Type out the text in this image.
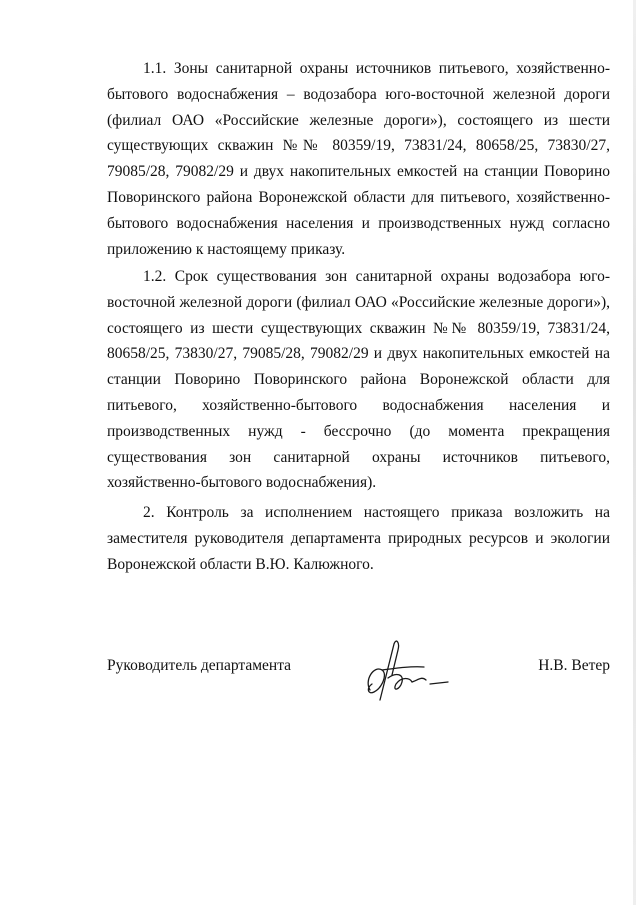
1.1. Зоны санитарной охраны источников питьевого, хозяйственно-бытового водоснабжения – водозабора юго-восточной железной дороги (филиал ОАО «Российские железные дороги»), состоящего из шести существующих скважин №№ 80359/19, 73831/24, 80658/25, 73830/27, 79085/28, 79082/29 и двух накопительных емкостей на станции Поворино Поворинского района Воронежской области для питьевого, хозяйственно-бытового водоснабжения населения и производственных нужд согласно приложению к настоящему приказу.

1.2. Срок существования зон санитарной охраны водозабора юго-восточной железной дороги (филиал ОАО «Российские железные дороги»), состоящего из шести существующих скважин №№ 80359/19, 73831/24, 80658/25, 73830/27, 79085/28, 79082/29 и двух накопительных емкостей на станции Поворино Поворинского района Воронежской области для питьевого, хозяйственно-бытового водоснабжения населения и производственных нужд - бессрочно (до момента прекращения существования зон санитарной охраны источников питьевого, хозяйственно-бытового водоснабжения).

2. Контроль за исполнением настоящего приказа возложить на заместителя руководителя департамента природных ресурсов и экологии Воронежской области В.Ю. Калюжного.

Руководитель департамента	Н.В. Ветер
